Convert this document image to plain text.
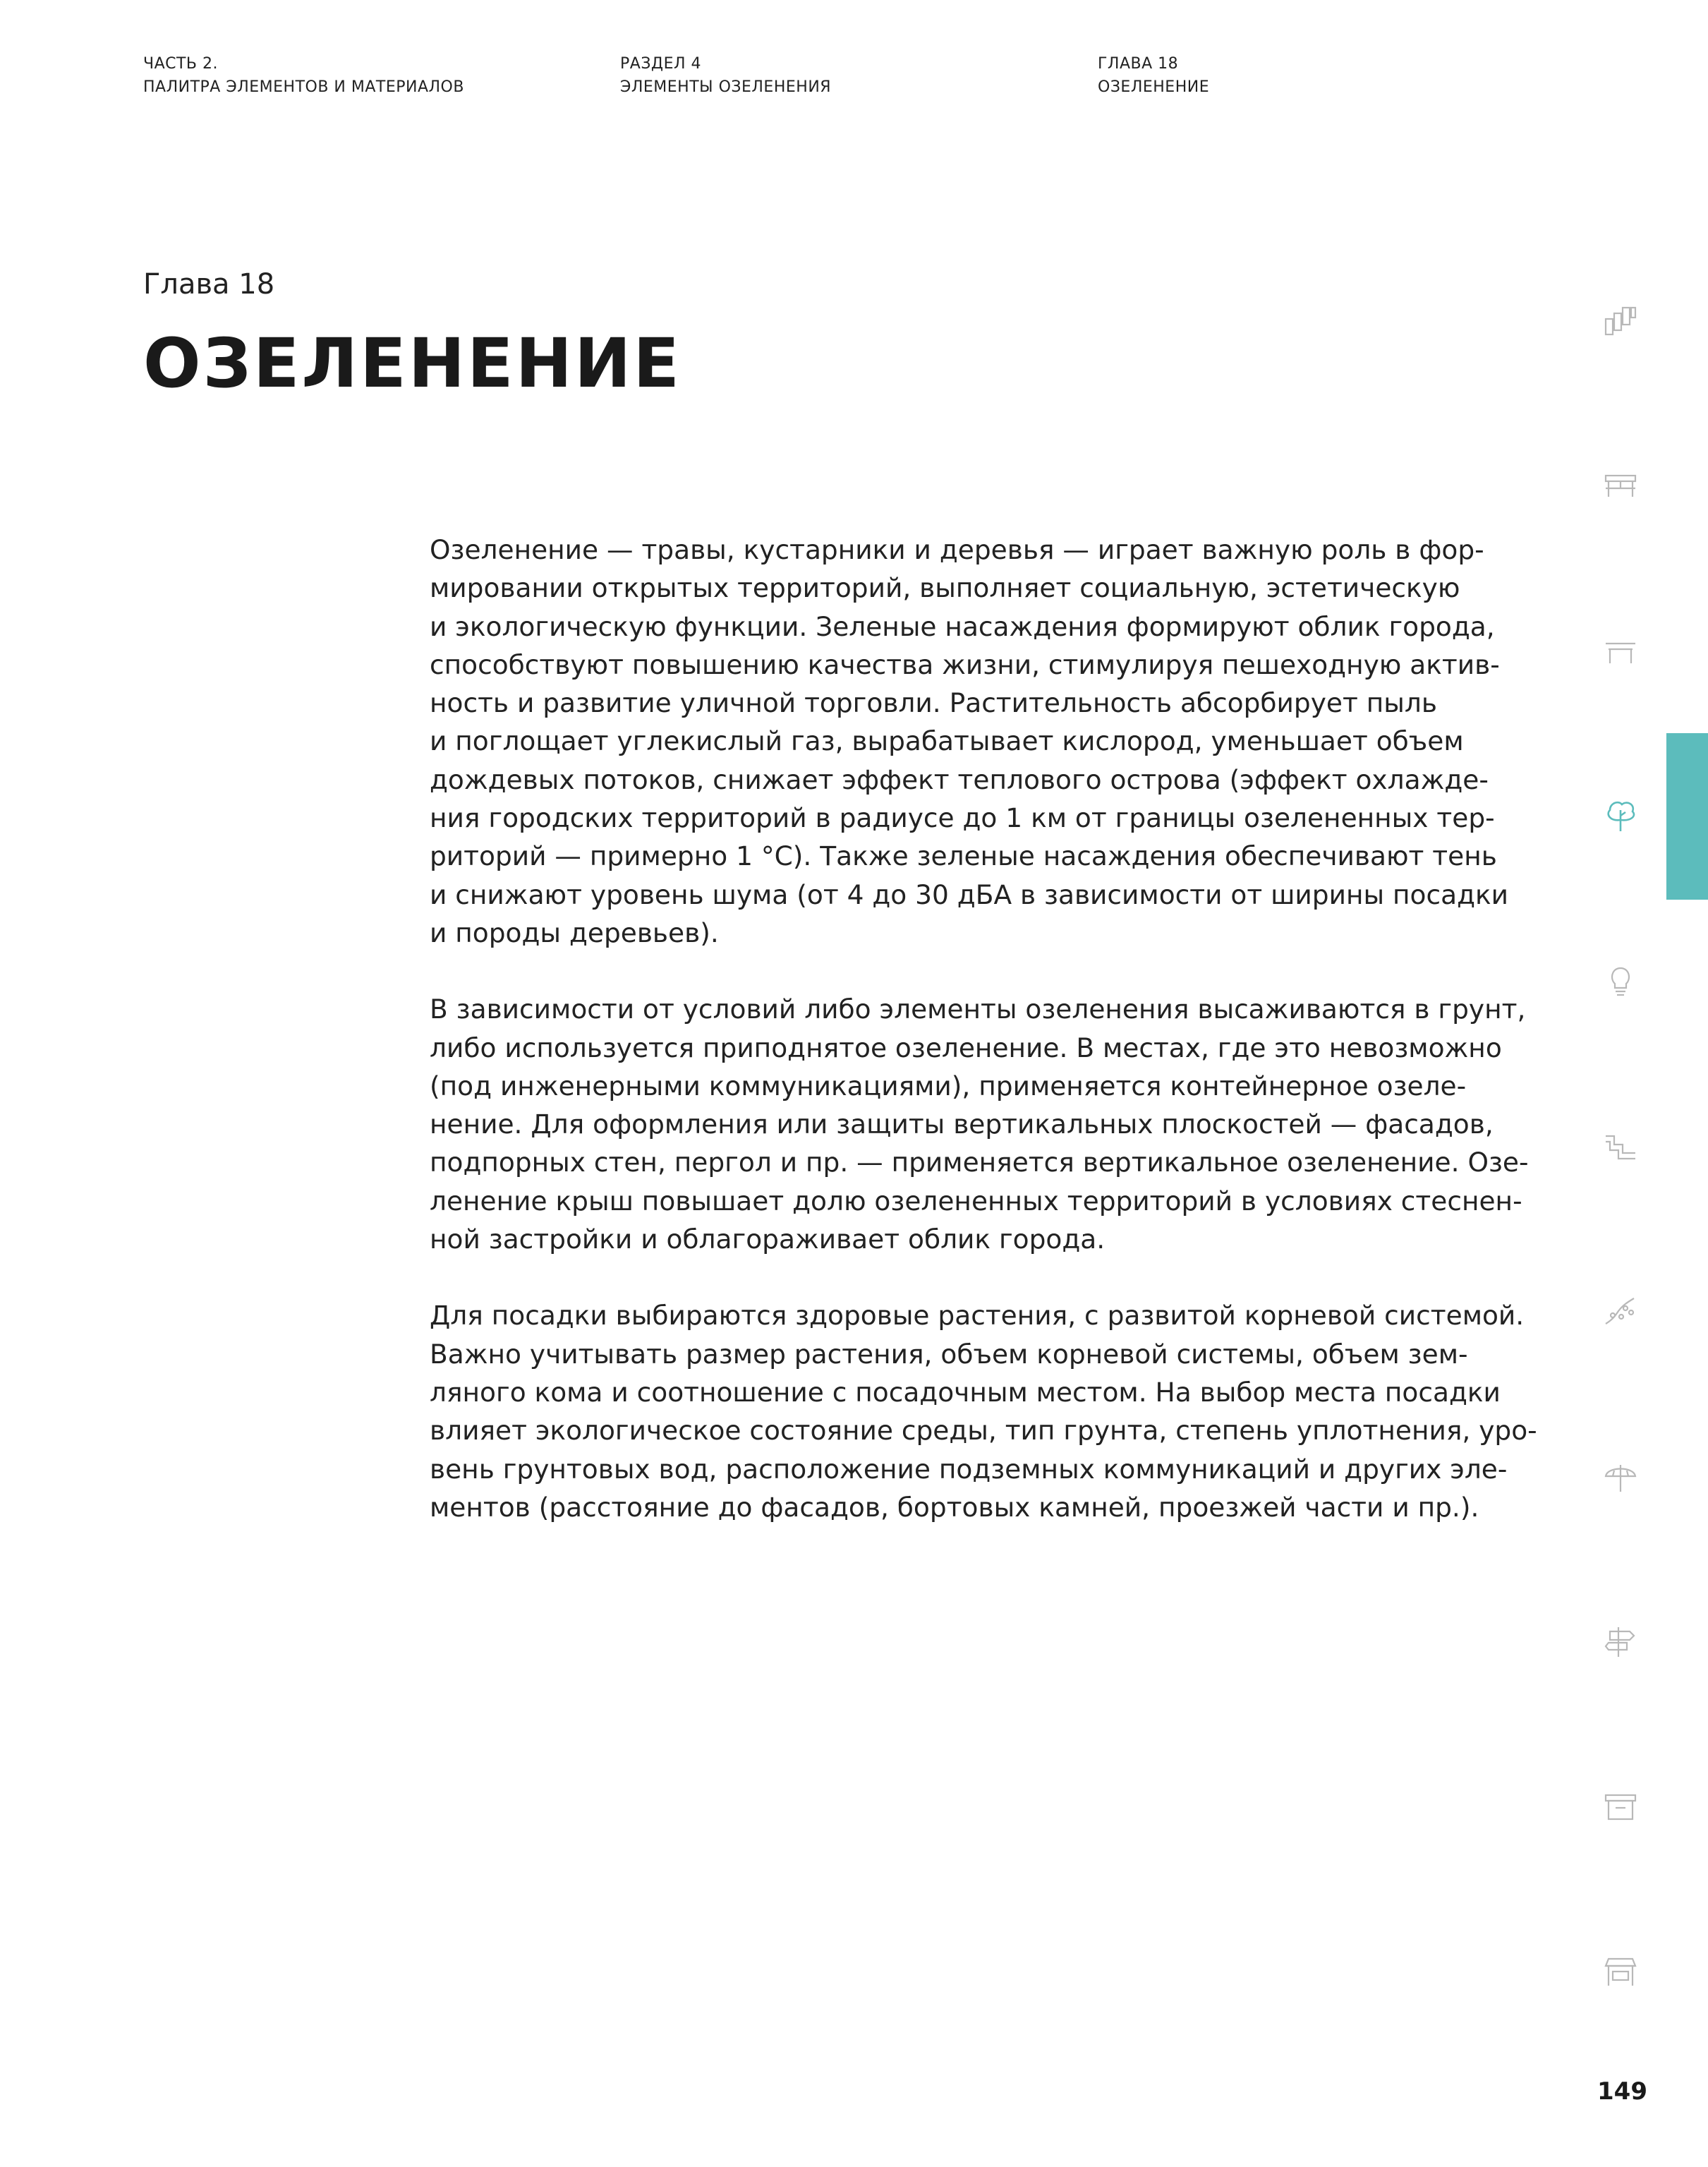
ЧАСТЬ 2.
ПАЛИТРА ЭЛЕМЕНТОВ И МАТЕРИАЛОВ
РАЗДЕЛ 4
ЭЛЕМЕНТЫ ОЗЕЛЕНЕНИЯ
ГЛАВА 18
ОЗЕЛЕНЕНИЕ
Глава 18
ОЗЕЛЕНЕНИЕ

Озеленение — травы, кустарники и деревья — играет важную роль в фор-
мировании открытых территорий, выполняет социальную, эстетическую
и экологическую функции. Зеленые насаждения формируют облик города,
способствуют повышению качества жизни, стимулируя пешеходную актив-
ность и развитие уличной торговли. Растительность абсорбирует пыль
и поглощает углекислый газ, вырабатывает кислород, уменьшает объем
дождевых потоков, снижает эффект теплового острова (эффект охлажде-
ния городских территорий в радиусе до 1 км от границы озелененных тер-
риторий — примерно 1 °С). Также зеленые насаждения обеспечивают тень
и снижают уровень шума (от 4 до 30 дБА в зависимости от ширины посадки
и породы деревьев).

В зависимости от условий либо элементы озеленения высаживаются в грунт,
либо используется приподнятое озеленение. В местах, где это невозможно
(под инженерными коммуникациями), применяется контейнерное озеле-
нение. Для оформления или защиты вертикальных плоскостей — фасадов,
подпорных стен, пергол и пр. — применяется вертикальное озеленение. Озе-
ленение крыш повышает долю озелененных территорий в условиях стеснен-
ной застройки и облагораживает облик города.

Для посадки выбираются здоровые растения, с развитой корневой системой.
Важно учитывать размер растения, объем корневой системы, объем зем-
ляного кома и соотношение с посадочным местом. На выбор места посадки
влияет экологическое состояние среды, тип грунта, степень уплотнения, уро-
вень грунтовых вод, расположение подземных коммуникаций и других эле-
ментов (расстояние до фасадов, бортовых камней, проезжей части и пр.).

149
